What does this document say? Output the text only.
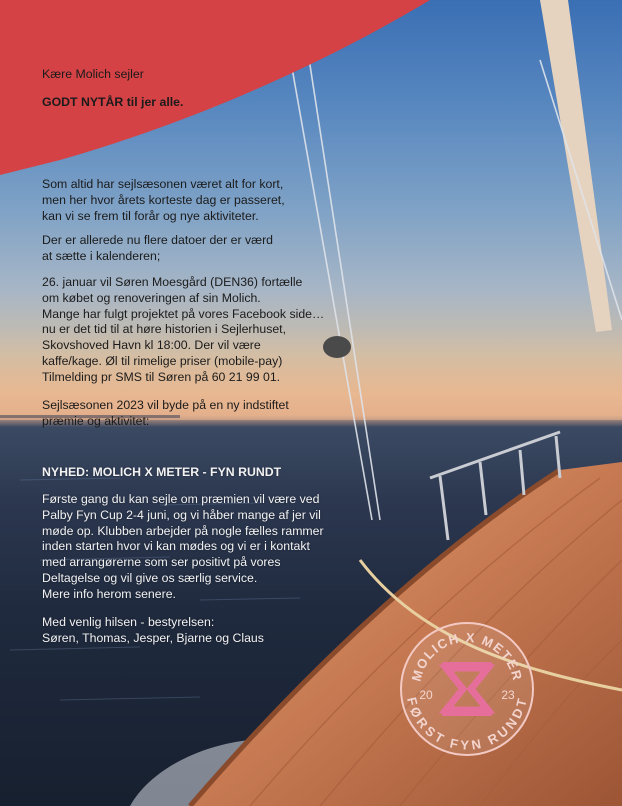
Kære Molich sejler

GODT NYTÅR til jer alle.

Som altid har sejlsæsonen været alt for kort,
men her hvor årets korteste dag er passeret,
kan vi se frem til forår og nye aktiviteter.

Der er allerede nu flere datoer der er værd
at sætte i kalenderen;

26. januar vil Søren Moesgård (DEN36) fortælle
om købet og renoveringen af sin Molich.
Mange har fulgt projektet på vores Facebook side…
nu er det tid til at høre historien i Sejlerhuset,
Skovshoved Havn kl 18:00. Der vil være
kaffe/kage. Øl til rimelige priser (mobile-pay)
Tilmelding pr SMS til Søren på 60 21 99 01.

Sejlsæsonen 2023 vil byde på en ny indstiftet
præmie og aktivitet:

NYHED: MOLICH X METER - FYN RUNDT

Første gang du kan sejle om præmien vil være ved
Palby Fyn Cup 2-4 juni, og vi håber mange af jer vil
møde op. Klubben arbejder på nogle fælles rammer
inden starten hvor vi kan mødes og vi er i kontakt
med arrangørerne som ser positivt på vores
Deltagelse og vil give os særlig service.
Mere info herom senere.

Med venlig hilsen - bestyrelsen:
Søren, Thomas, Jesper, Bjarne og Claus

MOLICH X METER
FØRST FYN RUNDT
20	23
